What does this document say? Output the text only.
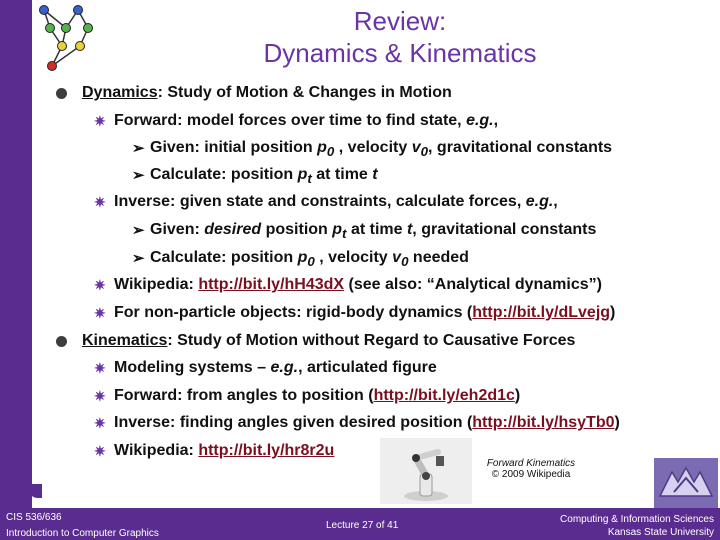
Review:
Dynamics & Kinematics
Dynamics: Study of Motion & Changes in Motion
✷ Forward: model forces over time to find state, e.g.,
➢ Given: initial position $p_0$ , velocity $v_0$, gravitational constants
➢ Calculate: position $p_t$ at time t
✷ Inverse: given state and constraints, calculate forces, e.g.,
➢ Given: desired position $p_t$ at time t, gravitational constants
➢ Calculate: position $p_0$ , velocity $v_0$ needed
✷ Wikipedia: http://bit.ly/hH43dX (see also: “Analytical dynamics”)
✷ For non-particle objects: rigid-body dynamics (http://bit.ly/dLvejg)
Kinematics: Study of Motion without Regard to Causative Forces
✷ Modeling systems – e.g., articulated figure
✷ Forward: from angles to position (http://bit.ly/eh2d1c)
✷ Inverse: finding angles given desired position (http://bit.ly/hsyTb0)
✷ Wikipedia: http://bit.ly/hr8r2u
Forward Kinematics
© 2009 Wikipedia
CIS 536/636
Introduction to Computer Graphics
Lecture 27 of 41
Computing & Information Sciences
Kansas State University
